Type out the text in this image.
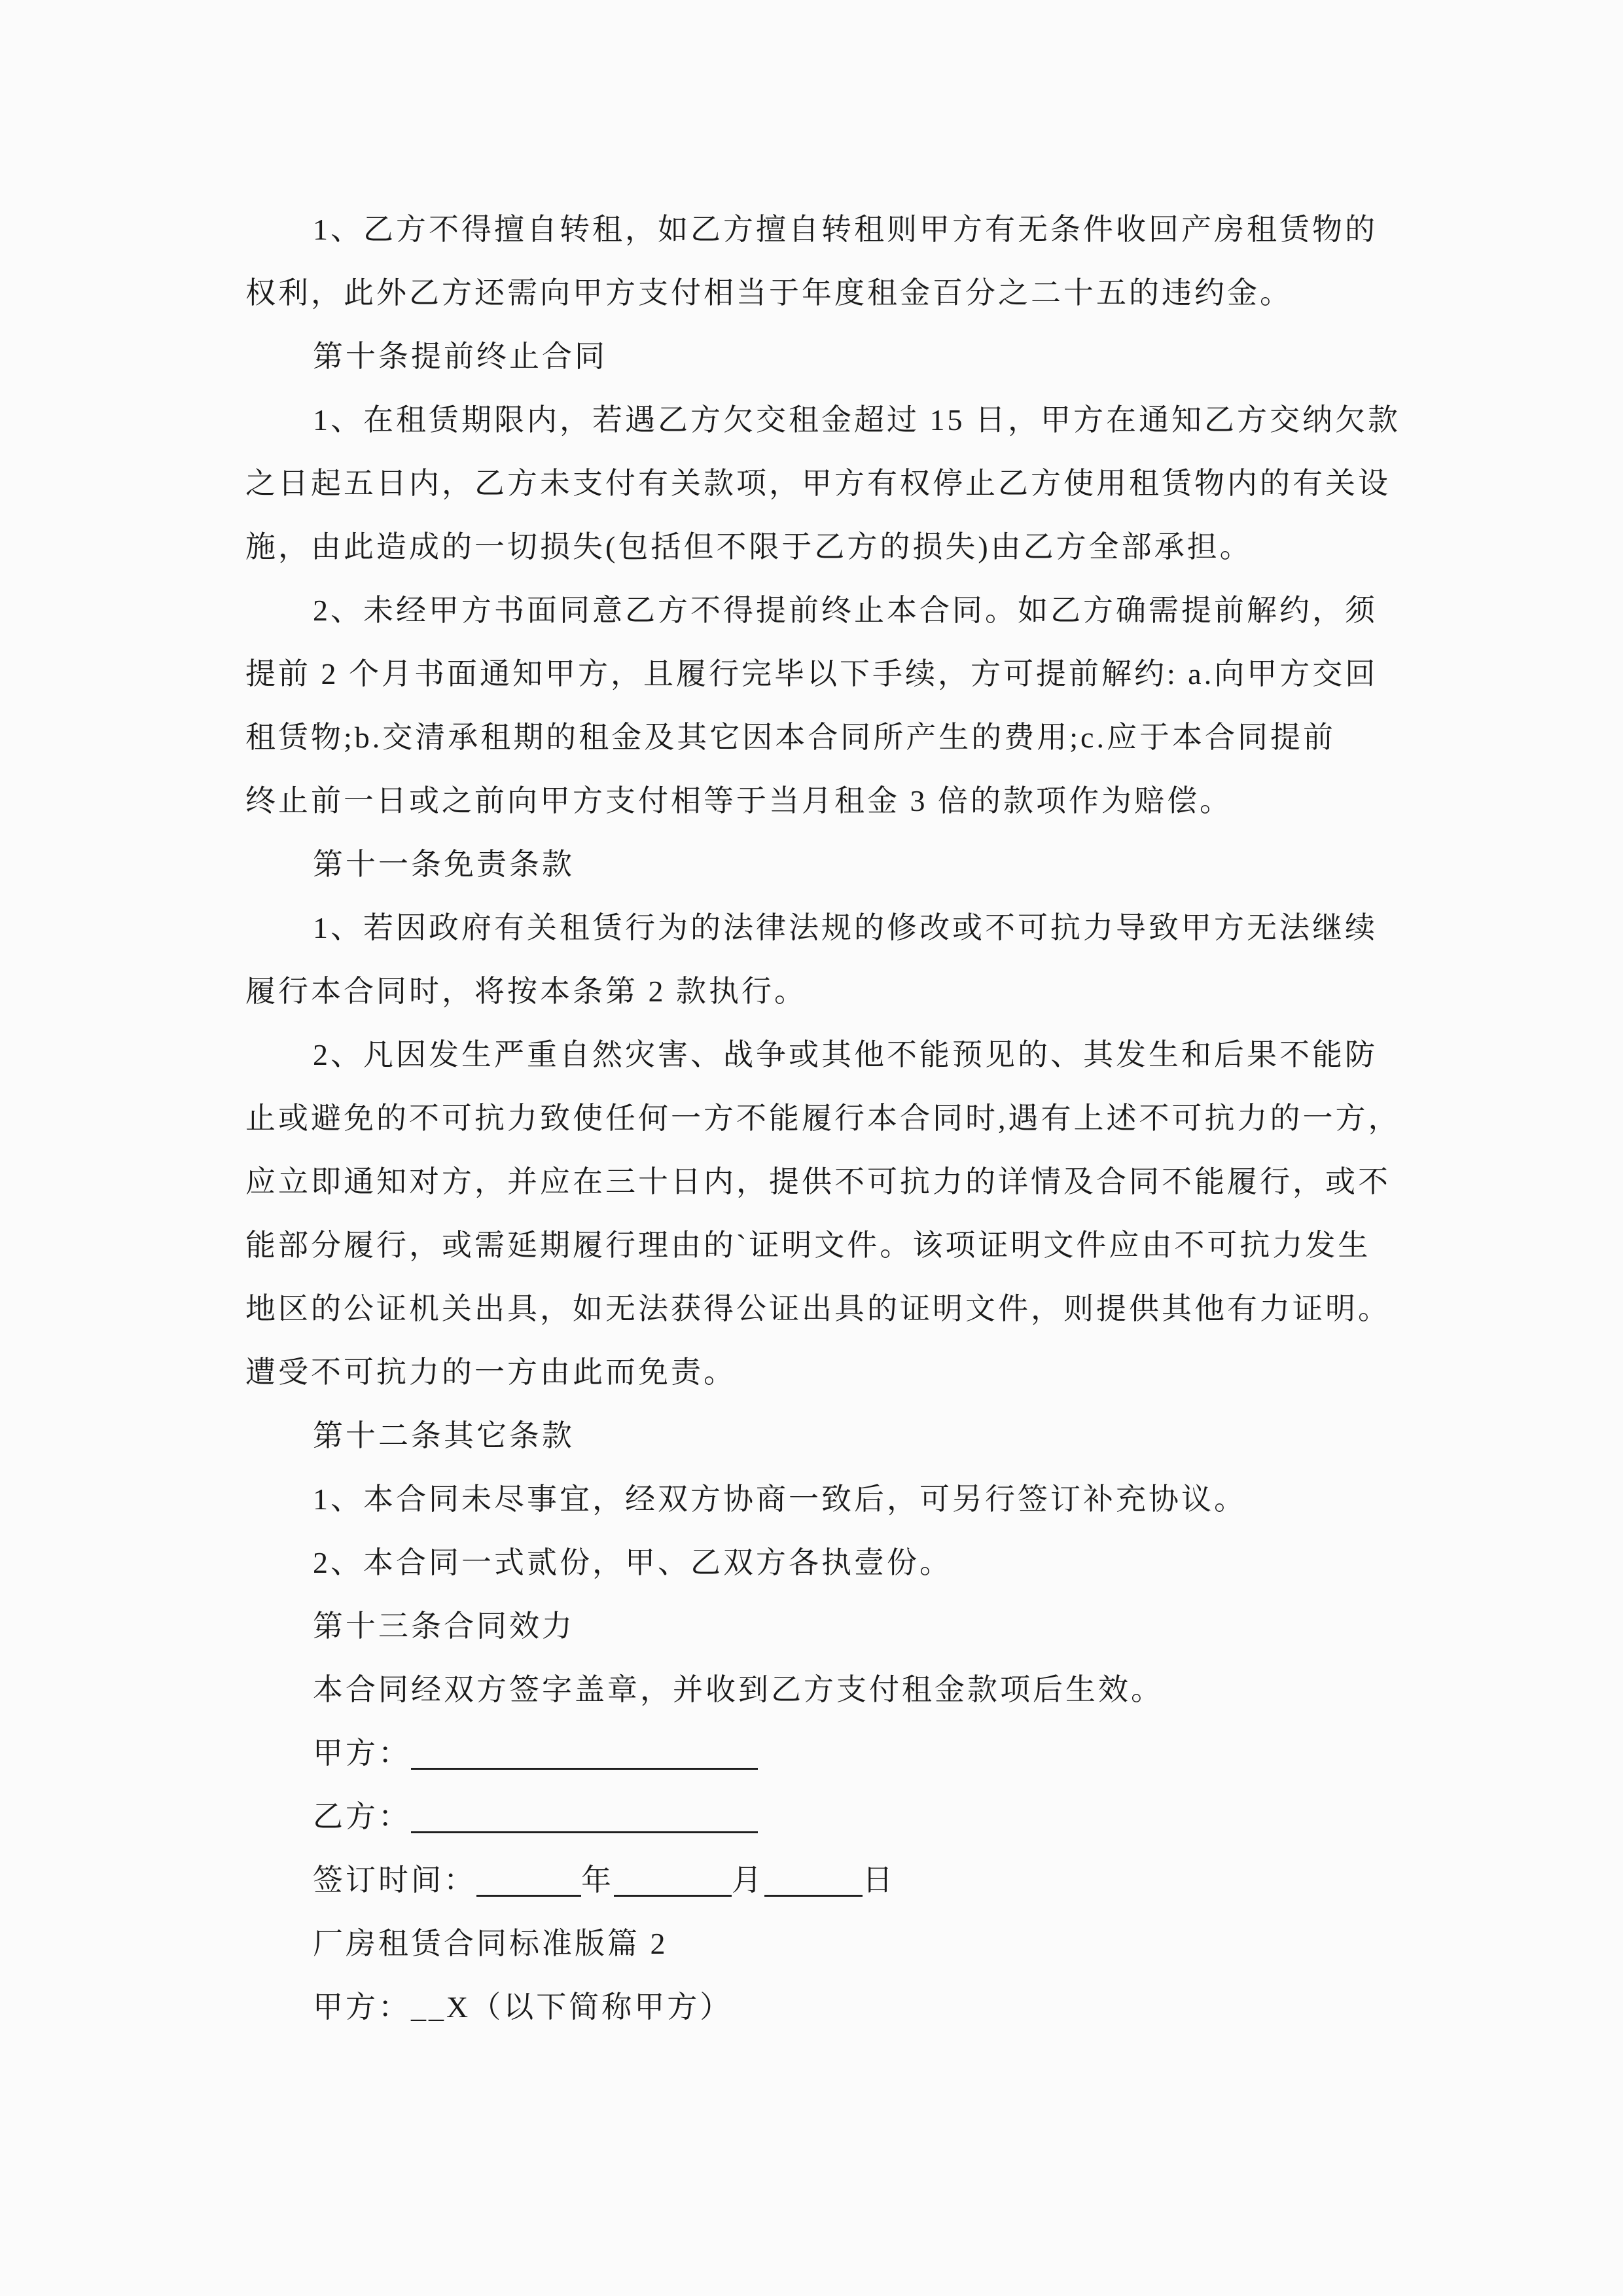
1、乙方不得擅自转租，如乙方擅自转租则甲方有无条件收回产房租赁物的
权利，此外乙方还需向甲方支付相当于年度租金百分之二十五的违约金。
第十条提前终止合同
1、在租赁期限内，若遇乙方欠交租金超过 15 日，甲方在通知乙方交纳欠款
之日起五日内，乙方未支付有关款项，甲方有权停止乙方使用租赁物内的有关设
施，由此造成的一切损失(包括但不限于乙方的损失)由乙方全部承担。
2、未经甲方书面同意乙方不得提前终止本合同。如乙方确需提前解约，须
提前 2 个月书面通知甲方，且履行完毕以下手续，方可提前解约: a.向甲方交回
租赁物;b.交清承租期的租金及其它因本合同所产生的费用;c.应于本合同提前
终止前一日或之前向甲方支付相等于当月租金 3 倍的款项作为赔偿。
第十一条免责条款
1、若因政府有关租赁行为的法律法规的修改或不可抗力导致甲方无法继续
履行本合同时，将按本条第 2 款执行。
2、凡因发生严重自然灾害、战争或其他不能预见的、其发生和后果不能防
止或避免的不可抗力致使任何一方不能履行本合同时,遇有上述不可抗力的一方，
应立即通知对方，并应在三十日内，提供不可抗力的详情及合同不能履行，或不
能部分履行，或需延期履行理由的`证明文件。该项证明文件应由不可抗力发生
地区的公证机关出具，如无法获得公证出具的证明文件，则提供其他有力证明。
遭受不可抗力的一方由此而免责。
第十二条其它条款
1、本合同未尽事宜，经双方协商一致后，可另行签订补充协议。
2、本合同一式贰份，甲、乙双方各执壹份。
第十三条合同效力
本合同经双方签字盖章，并收到乙方支付租金款项后生效。
甲方：
乙方：
签订时间：	年	月	日
厂房租赁合同标准版篇 2
甲方：__X（以下简称甲方）
